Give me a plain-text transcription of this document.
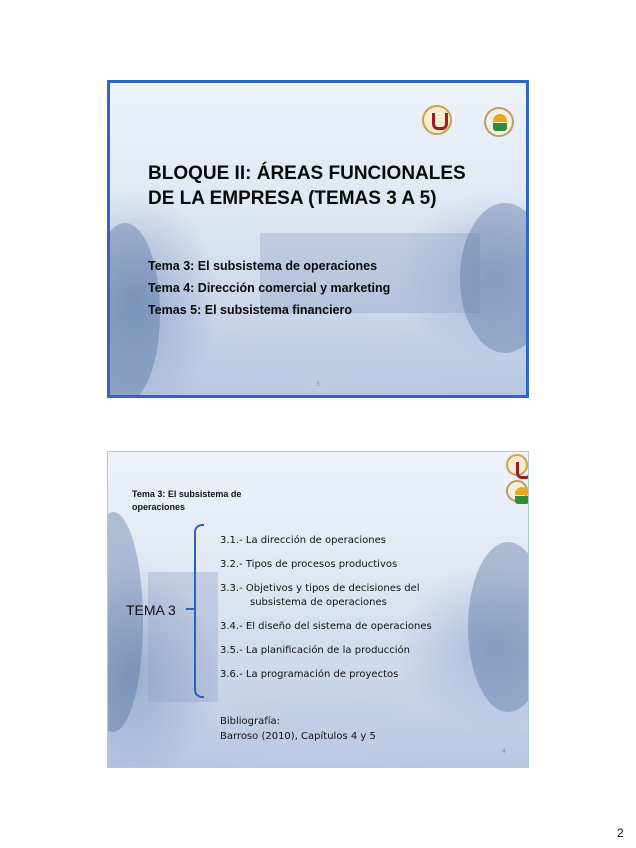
BLOQUE II: ÁREAS FUNCIONALES
DE LA EMPRESA (TEMAS 3 A 5)
Tema 3: El subsistema de operaciones
Tema 4: Dirección comercial y marketing
Temas 5: El subsistema financiero
3
Tema 3: El subsistema de operaciones
TEMA 3
3.1.- La dirección de operaciones
3.2.- Tipos de procesos productivos
3.3.- Objetivos y tipos de decisiones del
subsistema de operaciones
3.4.- El diseño del sistema de operaciones
3.5.- La planificación de la producción
3.6.- La programación de proyectos
Bibliografía:
Barroso (2010), Capítulos 4 y 5
4
2
